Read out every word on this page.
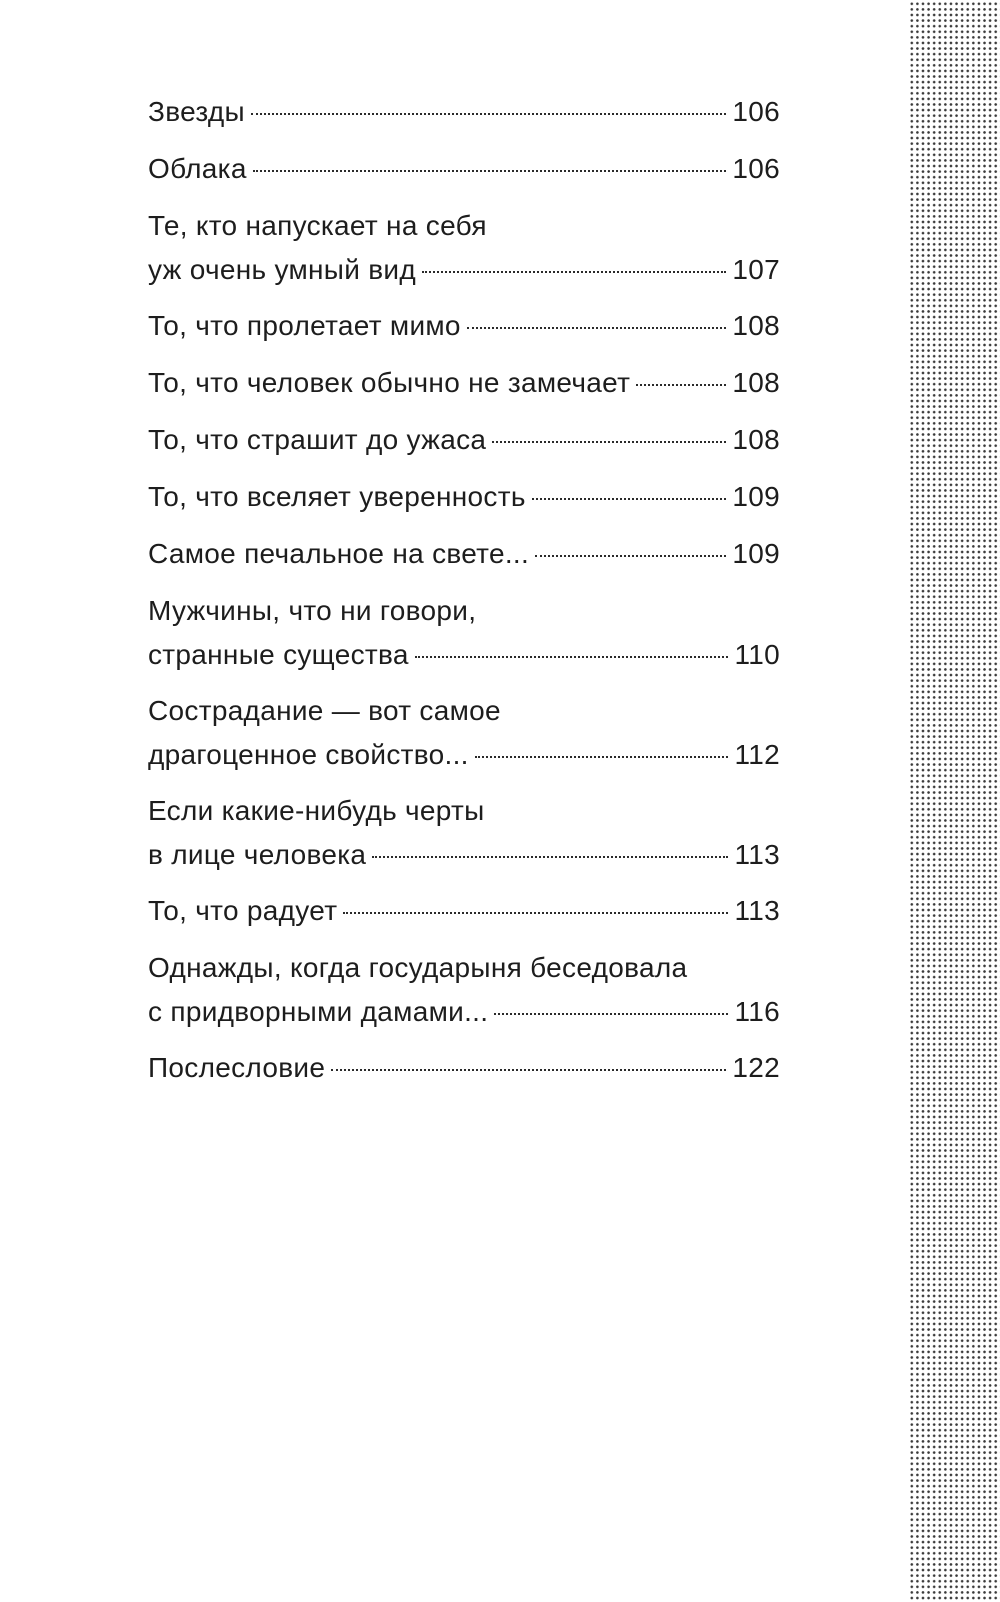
Звезды	106
Облака	106
Те, кто напускает на себя
уж очень умный вид	107
То, что пролетает мимо	108
То, что человек обычно не замечает	108
То, что страшит до ужаса	108
То, что вселяет уверенность	109
Самое печальное на свете...	109
Мужчины, что ни говори,
странные существа	110
Сострадание — вот самое
драгоценное свойство...	112
Если какие-нибудь черты
в лице человека	113
То, что радует	113
Однажды, когда государыня беседовала
с придворными дамами...	116
Послесловие	122
